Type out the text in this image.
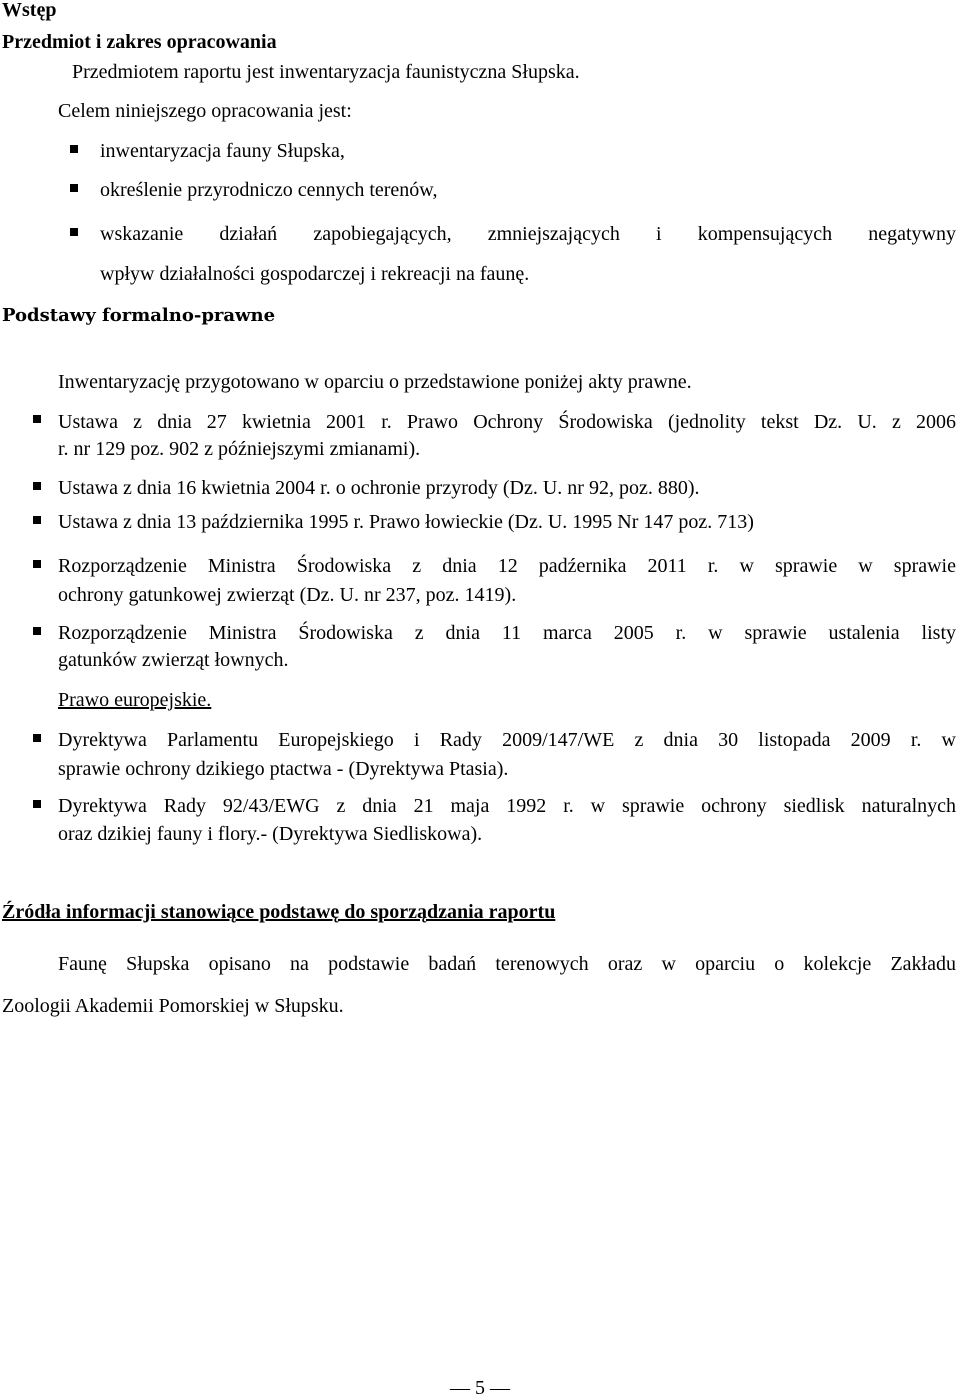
Wstęp
Przedmiot i zakres opracowania
Przedmiotem raportu jest inwentaryzacja faunistyczna Słupska.
Celem niniejszego opracowania jest:
inwentaryzacja fauny Słupska,
określenie przyrodniczo cennych terenów,
wskazanie działań zapobiegających, zmniejszających i kompensujących negatywny
wpływ działalności gospodarczej i rekreacji na faunę.
Podstawy formalno-prawne
Inwentaryzację przygotowano w oparciu o przedstawione poniżej akty prawne.
Ustawa z dnia 27 kwietnia 2001 r. Prawo Ochrony Środowiska (jednolity tekst Dz. U. z 2006
r. nr 129 poz. 902 z późniejszymi zmianami).
Ustawa z dnia 16 kwietnia 2004 r. o ochronie przyrody (Dz. U. nr 92, poz. 880).
Ustawa z dnia 13 października 1995 r. Prawo łowieckie (Dz. U. 1995 Nr 147 poz. 713)
Rozporządzenie Ministra Środowiska z dnia 12 padźernika 2011 r. w sprawie w sprawie
ochrony gatunkowej zwierząt (Dz. U. nr 237, poz. 1419).
Rozporządzenie Ministra Środowiska z dnia 11 marca 2005 r. w sprawie ustalenia listy
gatunków zwierząt łownych.
Prawo europejskie.
Dyrektywa Parlamentu Europejskiego i Rady 2009/147/WE z dnia 30 listopada 2009 r. w
sprawie ochrony dzikiego ptactwa - (Dyrektywa Ptasia).
Dyrektywa Rady 92/43/EWG z dnia 21 maja 1992 r. w sprawie ochrony siedlisk naturalnych
oraz dzikiej fauny i flory.- (Dyrektywa Siedliskowa).
Źródła informacji stanowiące podstawę do sporządzania raportu
Faunę Słupska opisano na podstawie badań terenowych oraz w oparciu o kolekcje Zakładu
Zoologii Akademii Pomorskiej w Słupsku.
— 5 —
